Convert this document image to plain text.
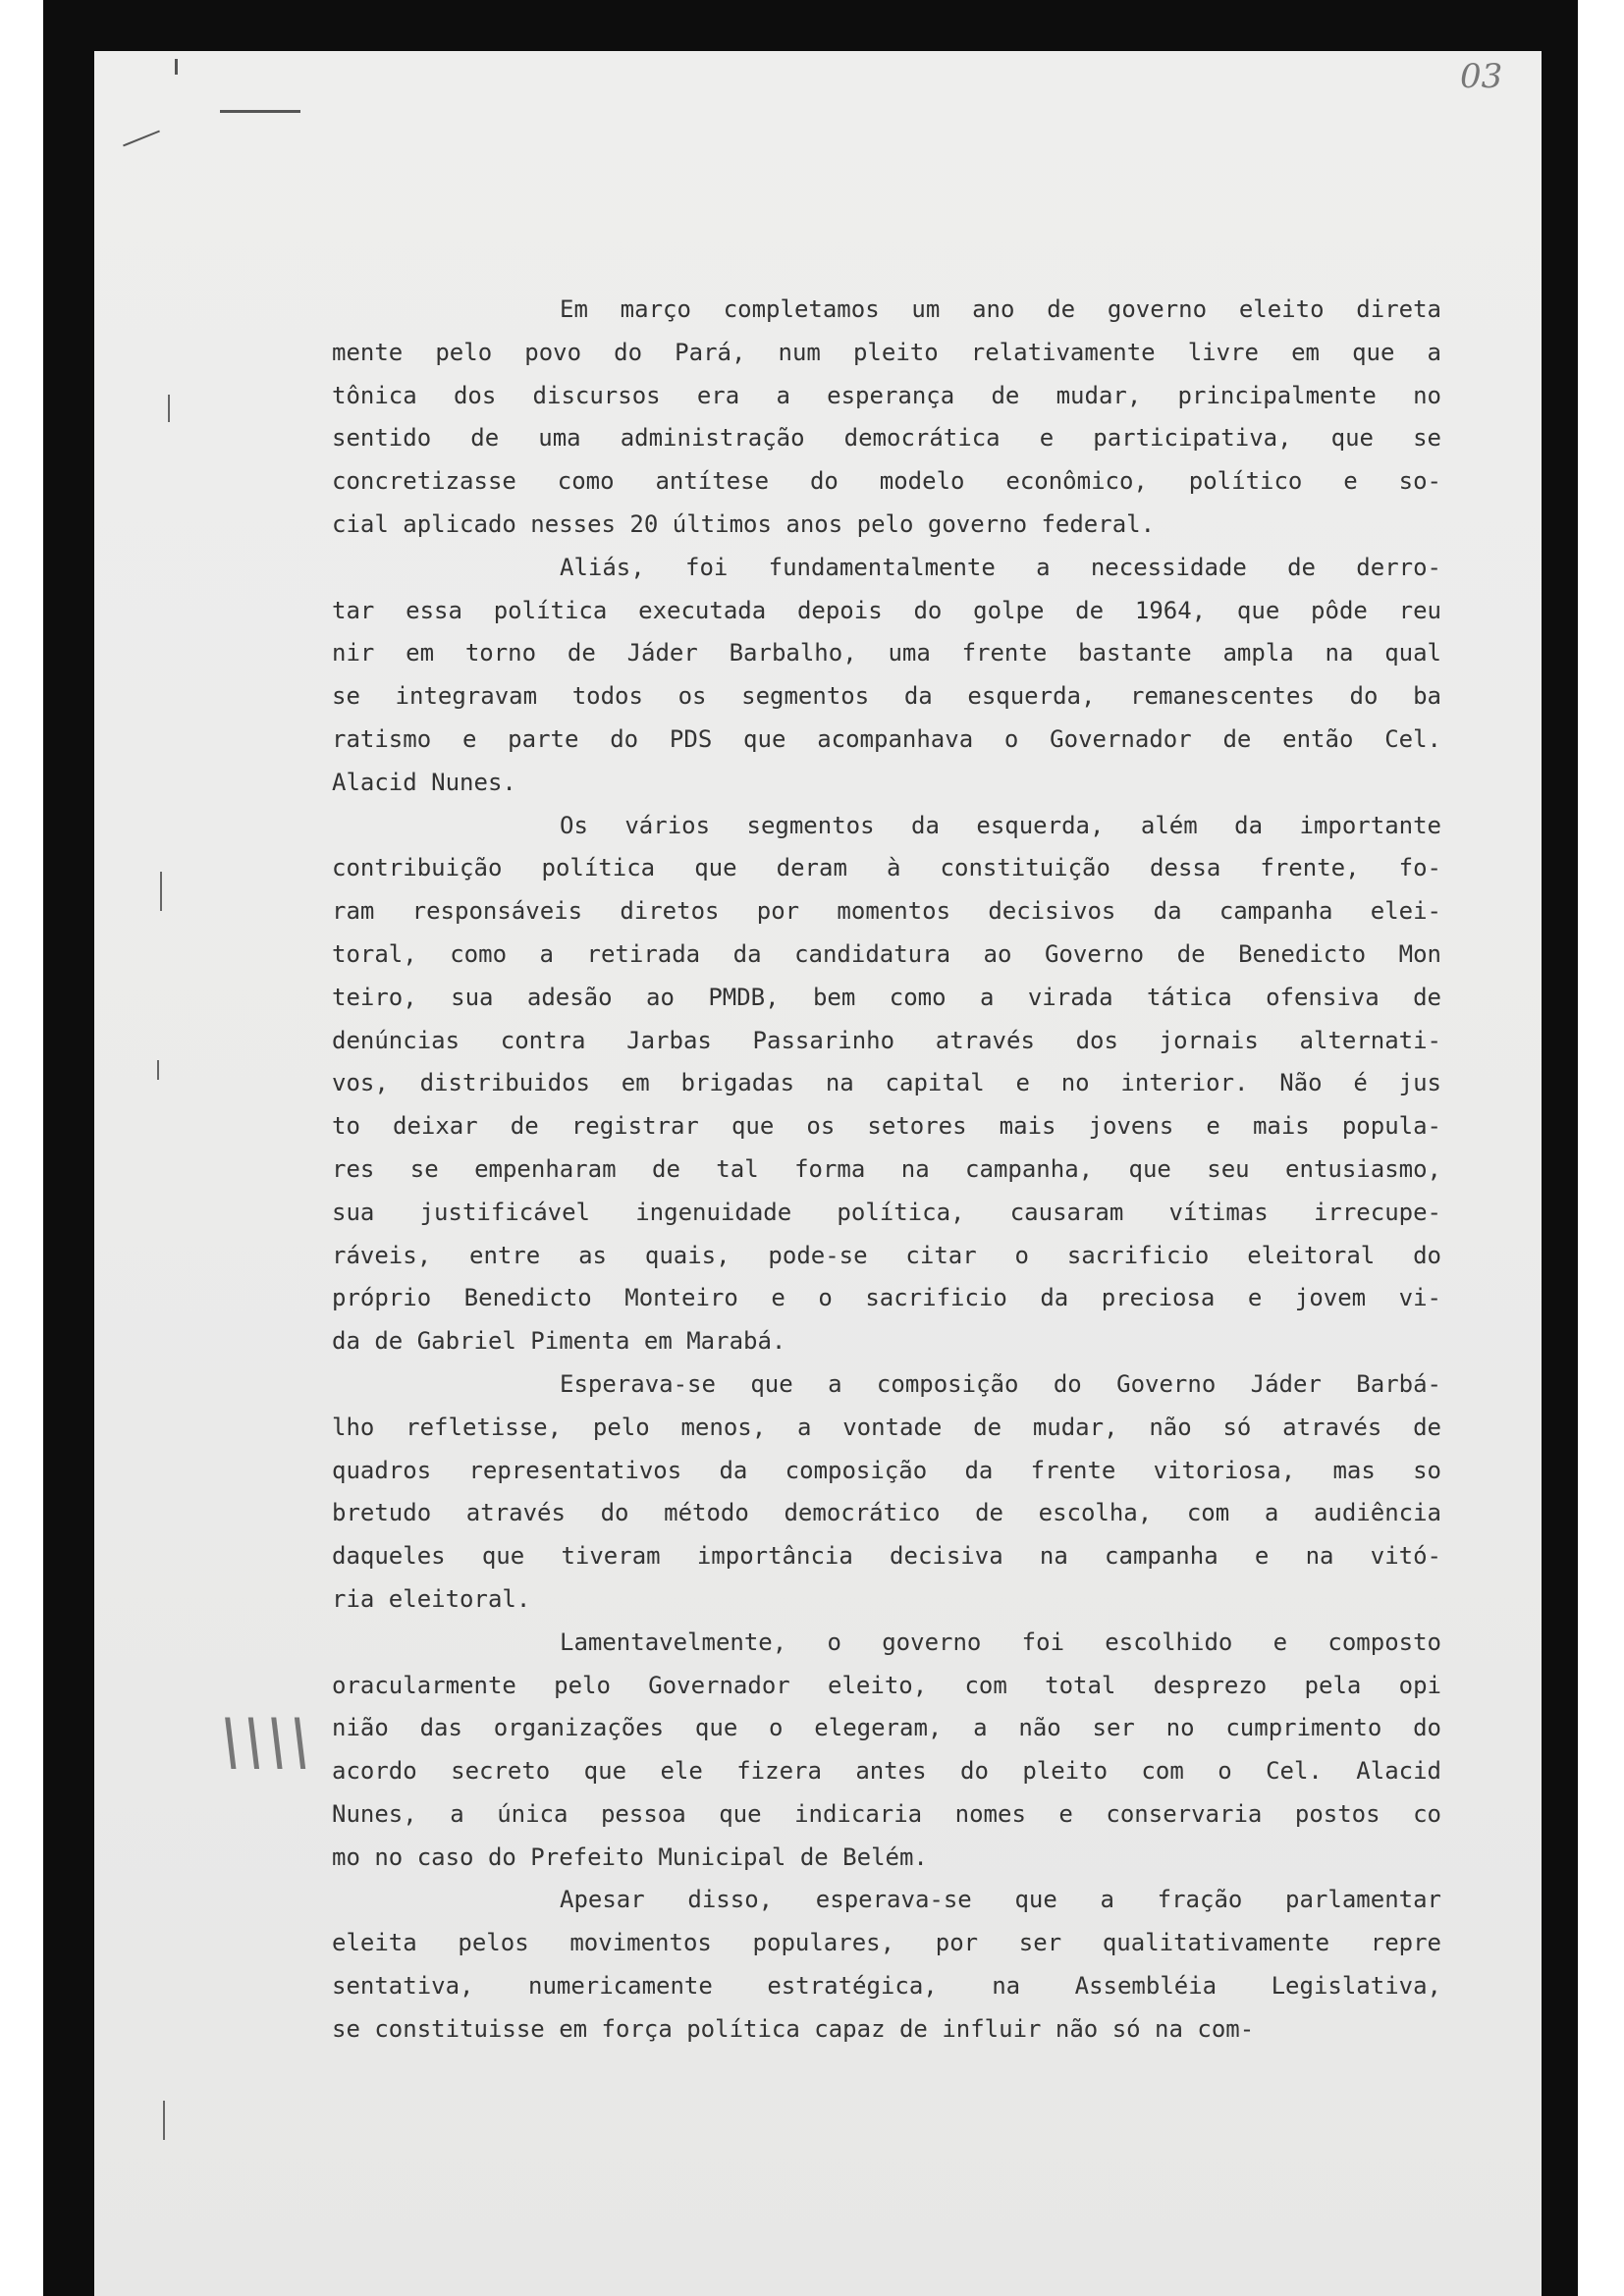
03
\\\\
Em março completamos um ano de governo eleito direta
mente pelo povo do Pará, num pleito relativamente livre em que a
tônica dos discursos era a esperança de mudar, principalmente no
sentido de uma administração democrática e participativa, que se
concretizasse como antítese do modelo econômico, político e so-
cial aplicado nesses 20 últimos anos pelo governo federal.
Aliás, foi fundamentalmente a necessidade de derro-
tar essa política executada depois do golpe de 1964, que pôde reu
nir em torno de Jáder Barbalho, uma frente bastante ampla na qual
se integravam todos os segmentos da esquerda, remanescentes do ba
ratismo e parte do PDS que acompanhava o Governador de então Cel.
Alacid Nunes.
Os vários segmentos da esquerda, além da importante
contribuição política que deram à constituição dessa frente, fo-
ram responsáveis diretos por momentos decisivos da campanha elei-
toral, como a retirada da candidatura ao Governo de Benedicto Mon
teiro, sua adesão ao PMDB, bem como a virada tática ofensiva de
denúncias contra Jarbas Passarinho através dos jornais alternati-
vos, distribuidos em brigadas na capital e no interior. Não é jus
to deixar de registrar que os setores mais jovens e mais popula-
res se empenharam de tal forma na campanha, que seu entusiasmo,
sua justificável ingenuidade política, causaram vítimas irrecupe-
ráveis, entre as quais, pode-se citar o sacrificio eleitoral do
próprio Benedicto Monteiro e o sacrificio da preciosa e jovem vi-
da de Gabriel Pimenta em Marabá.
Esperava-se que a composição do Governo Jáder Barbá-
lho refletisse, pelo menos, a vontade de mudar, não só através de
quadros representativos da composição da frente vitoriosa, mas so
bretudo através do método democrático de escolha, com a audiência
daqueles que tiveram importância decisiva na campanha e na vitó-
ria eleitoral.
Lamentavelmente, o governo foi escolhido e composto
oracularmente pelo Governador eleito, com total desprezo pela opi
nião das organizações que o elegeram, a não ser no cumprimento do
acordo secreto que ele fizera antes do pleito com o Cel. Alacid
Nunes, a única pessoa que indicaria nomes e conservaria postos co
mo no caso do Prefeito Municipal de Belém.
Apesar disso, esperava-se que a fração parlamentar
eleita pelos movimentos populares, por ser qualitativamente repre
sentativa, numericamente estratégica, na Assembléia Legislativa,
se constituisse em força política capaz de influir não só na com-
